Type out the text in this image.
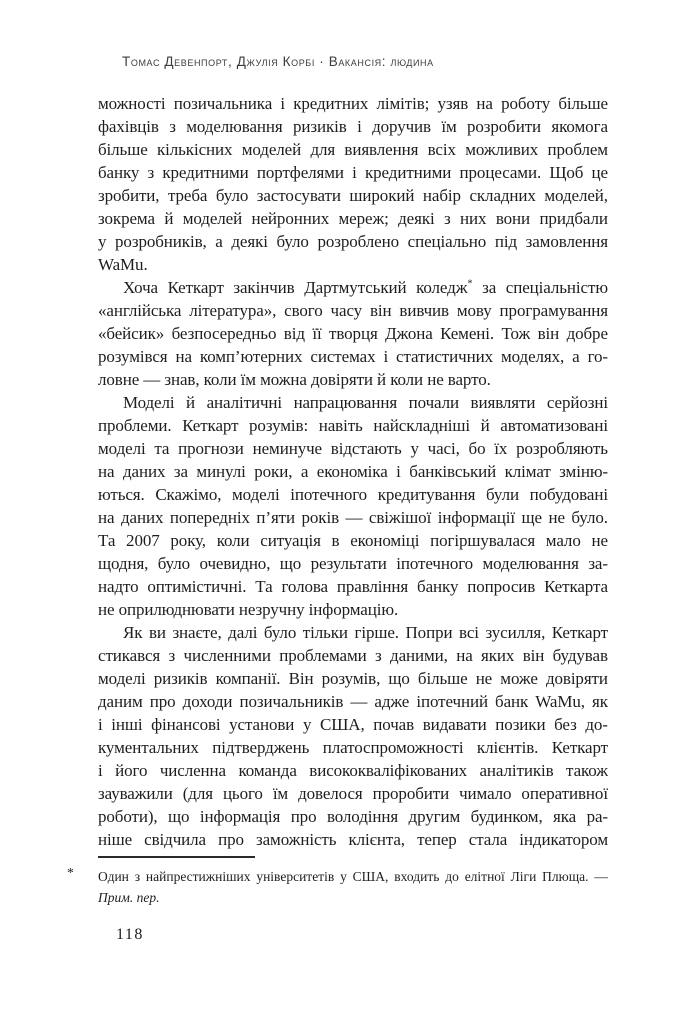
Томас Девенпорт, Джулія Корбі · Вакансія: людина
можності позичальника і кредитних лімітів; узяв на роботу більше
фахівців з моделювання ризиків і доручив їм розробити якомога
більше кількісних моделей для виявлення всіх можливих проблем
банку з кредитними портфелями і кредитними процесами. Щоб це
зробити, треба було застосувати широкий набір складних моделей,
зокрема й моделей нейронних мереж; деякі з них вони придбали
у розробників, а деякі було розроблено спеціально під замовлення
WaMu.
Хоча Кеткарт закінчив Дартмутський коледж* за спеціальністю
«англійська література», свого часу він вивчив мову програмування
«бейсик» безпосередньо від її творця Джона Кемені. Тож він добре
розумівся на комп’ютерних системах і статистичних моделях, а го-
ловне — знав, коли їм можна довіряти й коли не варто.
Моделі й аналітичні напрацювання почали виявляти серйозні
проблеми. Кеткарт розумів: навіть найскладніші й автоматизовані
моделі та прогнози неминуче відстають у часі, бо їх розробляють
на даних за минулі роки, а економіка і банківський клімат зміню-
ються. Скажімо, моделі іпотечного кредитування були побудовані
на даних попередніх п’яти років — свіжішої інформації ще не було.
Та 2007 року, коли ситуація в економіці погіршувалася мало не
щодня, було очевидно, що результати іпотечного моделювання за-
надто оптимістичні. Та голова правління банку попросив Кеткарта
не оприлюднювати незручну інформацію.
Як ви знаєте, далі було тільки гірше. Попри всі зусилля, Кеткарт
стикався з численними проблемами з даними, на яких він будував
моделі ризиків компанії. Він розумів, що більше не може довіряти
даним про доходи позичальників — адже іпотечний банк WaMu, як
і інші фінансові установи у США, почав видавати позики без до-
кументальних підтверджень платоспроможності клієнтів. Кеткарт
і його численна команда висококваліфікованих аналітиків також
зауважили (для цього їм довелося проробити чимало оперативної
роботи), що інформація про володіння другим будинком, яка ра-
ніше свідчила про заможність клієнта, тепер стала індикатором
* Один з найпрестижніших університетів у США, входить до елітної Ліги Плюща. —
Прим. пер.
118
